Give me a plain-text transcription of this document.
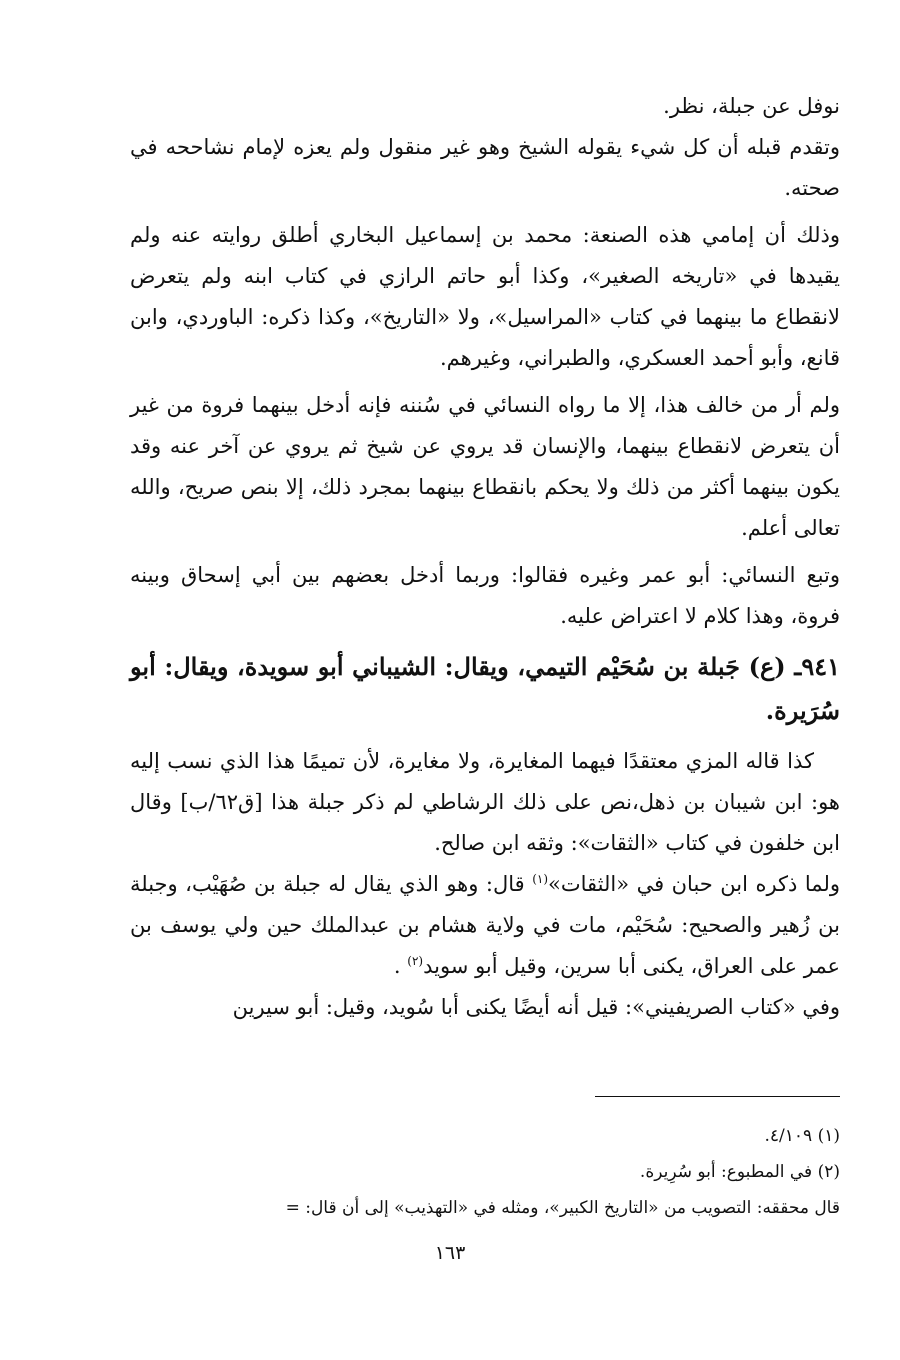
نوفل عن جبلة، نظر.

وتقدم قبله أن كل شيء يقوله الشيخ وهو غير منقول ولم يعزه لإمام نشاححه في صحته.

وذلك أن إمامي هذه الصنعة: محمد بن إسماعيل البخاري أطلق روايته عنه ولم يقيدها في «تاريخه الصغير»، وكذا أبو حاتم الرازي في كتاب ابنه ولم يتعرض لانقطاع ما بينهما في كتاب «المراسيل»، ولا «التاريخ»، وكذا ذكره: الباوردي، وابن قانع، وأبو أحمد العسكري، والطبراني، وغيرهم.

ولم أر من خالف هذا، إلا ما رواه النسائي في سُننه فإنه أدخل بينهما فروة من غير أن يتعرض لانقطاع بينهما، والإنسان قد يروي عن شيخ ثم يروي عن آخر عنه وقد يكون بينهما أكثر من ذلك ولا يحكم بانقطاع بينهما بمجرد ذلك، إلا بنص صريح، والله تعالى أعلم.

وتبع النسائي: أبو عمر وغيره فقالوا: وربما أدخل بعضهم بين أبي إسحاق وبينه فروة، وهذا كلام لا اعتراض عليه.

٩٤١ـ (ع) جَبلة بن سُحَيْم التيمي، ويقال: الشيباني أبو سويدة، ويقال: أبو سُرَيرة.

كذا قاله المزي معتقدًا فيهما المغايرة، ولا مغايرة، لأن تميمًا هذا الذي نسب إليه هو: ابن شيبان بن ذهل،نص على ذلك الرشاطي لم ذكر جبلة هذا [ق٦٢/ب] وقال ابن خلفون في كتاب «الثقات»: وثقه ابن صالح.

ولما ذكره ابن حبان في «الثقات»$^{(١)}$ قال: وهو الذي يقال له جبلة بن صُهَيْب، وجبلة بن زُهير والصحيح: سُحَيْم، مات في ولاية هشام بن عبدالملك حين ولي يوسف بن عمر على العراق، يكنى أبا سرين، وقيل أبو سويد$^{(٢)}$ .

وفي «كتاب الصريفيني»: قيل أنه أيضًا يكنى أبا سُويد، وقيل: أبو سيرين

(١) ٤/١٠٩.

(٢) في المطبوع: أبو سُرِيرة.

قال محققه: التصويب من «التاريخ الكبير»، ومثله في «التهذيب» إلى أن قال: =

١٦٣
